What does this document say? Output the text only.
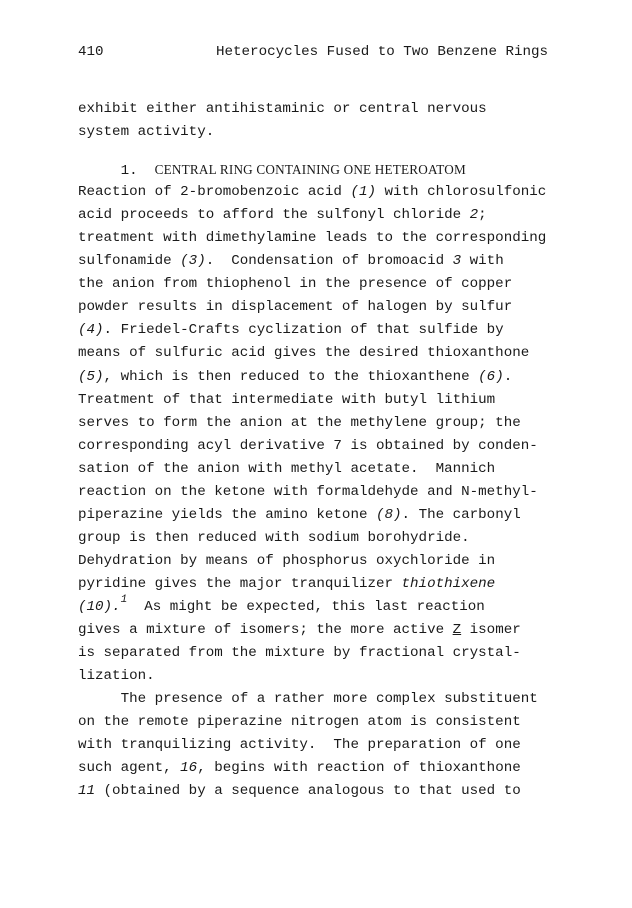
410

	Heterocycles Fused to Two Benzene Rings

exhibit either antihistaminic or central nervous
system activity.
1. CENTRAL RING CONTAINING ONE HETEROATOM
Reaction of 2-bromobenzoic acid (1) with chlorosulfonic
acid proceeds to afford the sulfonyl chloride 2;
treatment with dimethylamine leads to the corresponding
sulfonamide (3).  Condensation of bromoacid 3 with
the anion from thiophenol in the presence of copper
powder results in displacement of halogen by sulfur
(4). Friedel-Crafts cyclization of that sulfide by
means of sulfuric acid gives the desired thioxanthone
(5), which is then reduced to the thioxanthene (6).
Treatment of that intermediate with butyl lithium
serves to form the anion at the methylene group; the
corresponding acyl derivative 7 is obtained by conden-
sation of the anion with methyl acetate.  Mannich
reaction on the ketone with formaldehyde and N-methyl-
piperazine yields the amino ketone (8). The carbonyl
group is then reduced with sodium borohydride.
Dehydration by means of phosphorus oxychloride in
pyridine gives the major tranquilizer thiothixene
(10).$^1$  As might be expected, this last reaction
gives a mixture of isomers; the more active Z isomer
is separated from the mixture by fractional crystal-
lization.
The presence of a rather more complex substituent
on the remote piperazine nitrogen atom is consistent
with tranquilizing activity.  The preparation of one
such agent, 16, begins with reaction of thioxanthone
11 (obtained by a sequence analogous to that used to
